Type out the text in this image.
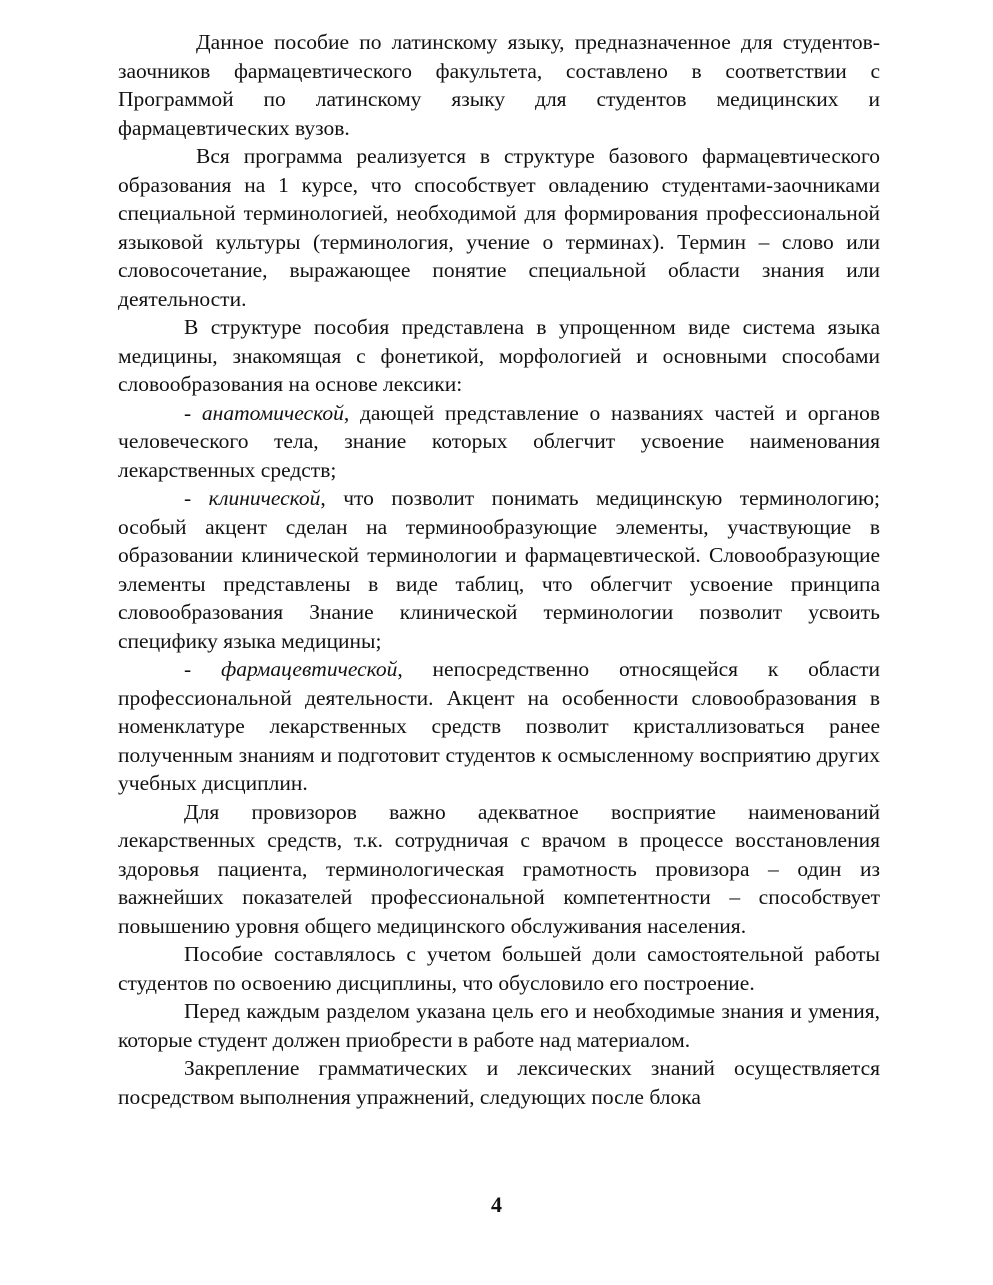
Данное пособие по латинскому языку, предназначенное для студентов-заочников фармацевтического факультета, составлено в соответствии с Программой по латинскому языку для студентов медицинских и фармацевтических вузов.

Вся программа реализуется в структуре базового фармацевтического образования на 1 курсе, что способствует овладению студентами-заочниками специальной терминологией, необходимой для формирования профессиональной языковой культуры (терминология, учение о терминах). Термин – слово или словосочетание, выражающее понятие специальной области знания или деятельности.

В структуре пособия представлена в упрощенном виде система языка медицины, знакомящая с фонетикой, морфологией и основными способами словообразования на основе лексики:

- анатомической, дающей представление о названиях частей и органов человеческого тела, знание которых облегчит усвоение наименования лекарственных средств;

- клинической, что позволит понимать медицинскую терминологию; особый акцент сделан на терминообразующие элементы, участвующие в образовании клинической терминологии и фармацевтической. Словообразующие элементы представлены в виде таблиц, что облегчит усвоение принципа словообразования Знание клинической терминологии позволит усвоить специфику языка медицины;

- фармацевтической, непосредственно относящейся к области профессиональной деятельности. Акцент на особенности словообразования в номенклатуре лекарственных средств позволит кристаллизоваться ранее полученным знаниям и подготовит студентов к осмысленному восприятию других учебных дисциплин.

Для провизоров важно адекватное восприятие наименований лекарственных средств, т.к. сотрудничая с врачом в процессе восстановления здоровья пациента, терминологическая грамотность провизора – один из важнейших показателей профессиональной компетентности – способствует повышению уровня общего медицинского обслуживания населения.

Пособие составлялось с учетом большей доли самостоятельной работы студентов по освоению дисциплины, что обусловило его построение.

Перед каждым разделом указана цель его и необходимые знания и умения, которые студент должен приобрести в работе над материалом.

Закрепление грамматических и лексических знаний осуществляется посредством выполнения упражнений, следующих после блока

4
